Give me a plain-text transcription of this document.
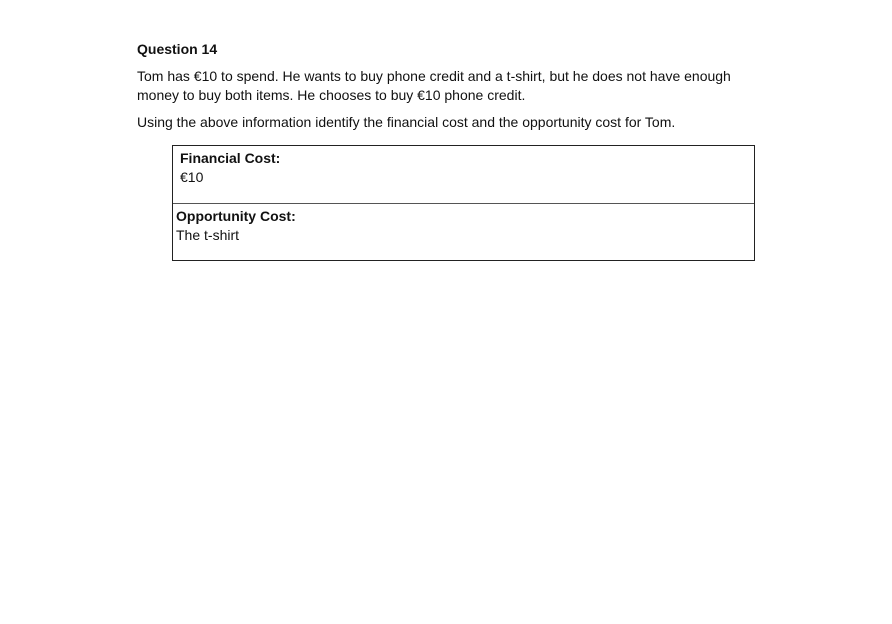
Question 14

Tom has €10 to spend. He wants to buy phone credit and a t-shirt, but he does not have enough
money to buy both items. He chooses to buy €10 phone credit.

Using the above information identify the financial cost and the opportunity cost for Tom.

Financial Cost:
€10
Opportunity Cost:
The t-shirt
